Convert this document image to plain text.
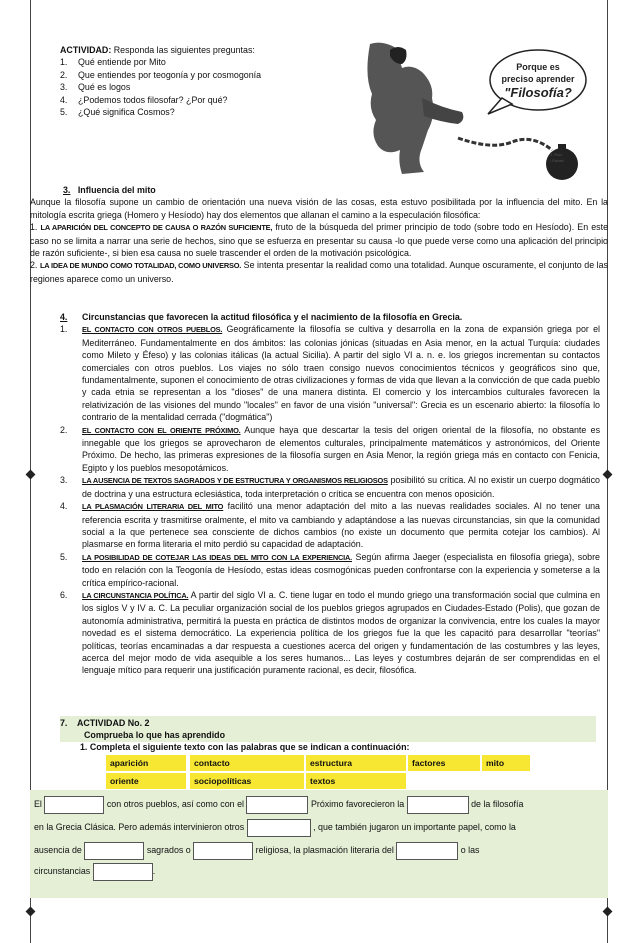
ACTIVIDAD: Responda las siguientes preguntas:
1. Qué entiende por Mito
2. Que entiendes por teogonía y por cosmogonía
3. Qué es logos
4. ¿Podemos todos filosofar? ¿Por qué?
5. ¿Qué significa Cosmos?
Porque es
preciso aprender
"Filosofía?
J. Ruiz
/ Rafael
3. Influencia del mito
Aunque la filosofía supone un cambio de orientación una nueva visión de las cosas, esta estuvo posibilitada por la influencia del mito. En la mitología escrita griega (Homero y Hesíodo) hay dos elementos que allanan el camino a la especulación filosófica:
1. LA APARICIÓN DEL CONCEPTO DE CAUSA O RAZÓN SUFICIENTE, fruto de la búsqueda del primer principio de todo (sobre todo en Hesíodo). En este caso no se limita a narrar una serie de hechos, sino que se esfuerza en presentar su causa -lo que puede verse como una aplicación del principio de razón suficiente-, si bien esa causa no suele trascender el orden de la motivación psicológica.
2. LA IDEA DE MUNDO COMO TOTALIDAD, COMO UNIVERSO. Se intenta presentar la realidad como una totalidad. Aunque oscuramente, el conjunto de las regiones aparece como un universo.
4. Circunstancias que favorecen la actitud filosófica y el nacimiento de la filosofía en Grecia.
1. EL CONTACTO CON OTROS PUEBLOS. Geográficamente la filosofía se cultiva y desarrolla en la zona de expansión griega por el Mediterráneo. Fundamentalmente en dos ámbitos: las colonias jónicas (situadas en Asia menor, en la actual Turquía: ciudades como Mileto y Éfeso) y las colonias itálicas (la actual Sicilia). A partir del siglo VI a. n. e. los griegos incrementan su contactos comerciales con otros pueblos. Los viajes no sólo traen consigo nuevos conocimientos técnicos y geográficos sino que, fundamentalmente, suponen el conocimiento de otras civilizaciones y formas de vida que llevan a la convicción de que cada pueblo y cada etnia se representan a los "dioses" de una manera distinta. El comercio y los intercambios culturales favorecen la relativización de las visiones del mundo "locales" en favor de una visión "universal": Grecia es un escenario abierto: la filosofía lo contrario de la mentalidad cerrada ("dogmática")
2. EL CONTACTO CON EL ORIENTE PRÓXIMO. Aunque haya que descartar la tesis del origen oriental de la filosofía, no obstante es innegable que los griegos se aprovecharon de elementos culturales, principalmente matemáticos y astronómicos, del Oriente Próximo. De hecho, las primeras expresiones de la filosofía surgen en Asia Menor, la región griega más en contacto con Fenicia, Egipto y los pueblos mesopotámicos.
3. LA AUSENCIA DE TEXTOS SAGRADOS Y DE ESTRUCTURA Y ORGANISMOS RELIGIOSOS posibilitó su crítica. Al no existir un cuerpo dogmático de doctrina y una estructura eclesiástica, toda interpretación o crítica se encuentra con menos oposición.
4. LA PLASMACIÓN LITERARIA DEL MITO facilitó una menor adaptación del mito a las nuevas realidades sociales. Al no tener una referencia escrita y trasmitirse oralmente, el mito va cambiando y adaptándose a las nuevas circunstancias, sin que la comunidad social a la que pertenece sea consciente de dichos cambios (no existe un documento que permita cotejar los cambios). Al plasmarse en forma literaria el mito perdió su capacidad de adaptación.
5. LA POSIBILIDAD DE COTEJAR LAS IDEAS DEL MITO CON LA EXPERIENCIA. Según afirma Jaeger (especialista en filosofía griega), sobre todo en relación con la Teogonía de Hesíodo, estas ideas cosmogónicas pueden confrontarse con la experiencia y someterse a la crítica empírico-racional.
6. LA CIRCUNSTANCIA POLÍTICA. A partir del siglo VI a. C. tiene lugar en todo el mundo griego una transformación social que culmina en los siglos V y IV a. C. La peculiar organización social de los pueblos griegos agrupados en Ciudades-Estado (Polis), que gozan de autonomía administrativa, permitirá la puesta en práctica de distintos modos de organizar la convivencia, entre los cuales la mayor novedad es el sistema democrático. La experiencia política de los griegos fue la que les capacitó para desarrollar "teorías" políticas, teorías encaminadas a dar respuesta a cuestiones acerca del origen y fundamentación de las costumbres y las leyes, acerca del mejor modo de vida asequible a los seres humanos... Las leyes y costumbres dejarán de ser comprendidas en el lenguaje mítico para requerir una justificación puramente racional, es decir, filosófica.
7. ACTIVIDAD No. 2
Comprueba lo que has aprendido
1. Completa el siguiente texto con las palabras que se indican a continuación:
aparición	contacto	estructura	factores	mito
oriente	sociopolíticas	textos
El	con otros pueblos, así como con el	Próximo favorecieron la	de la filosofía
en la Grecia Clásica. Pero además intervinieron otros	, que también jugaron un importante papel, como la
ausencia de	sagrados o	religiosa, la plasmación literaria del	o las
circunstancias	.
